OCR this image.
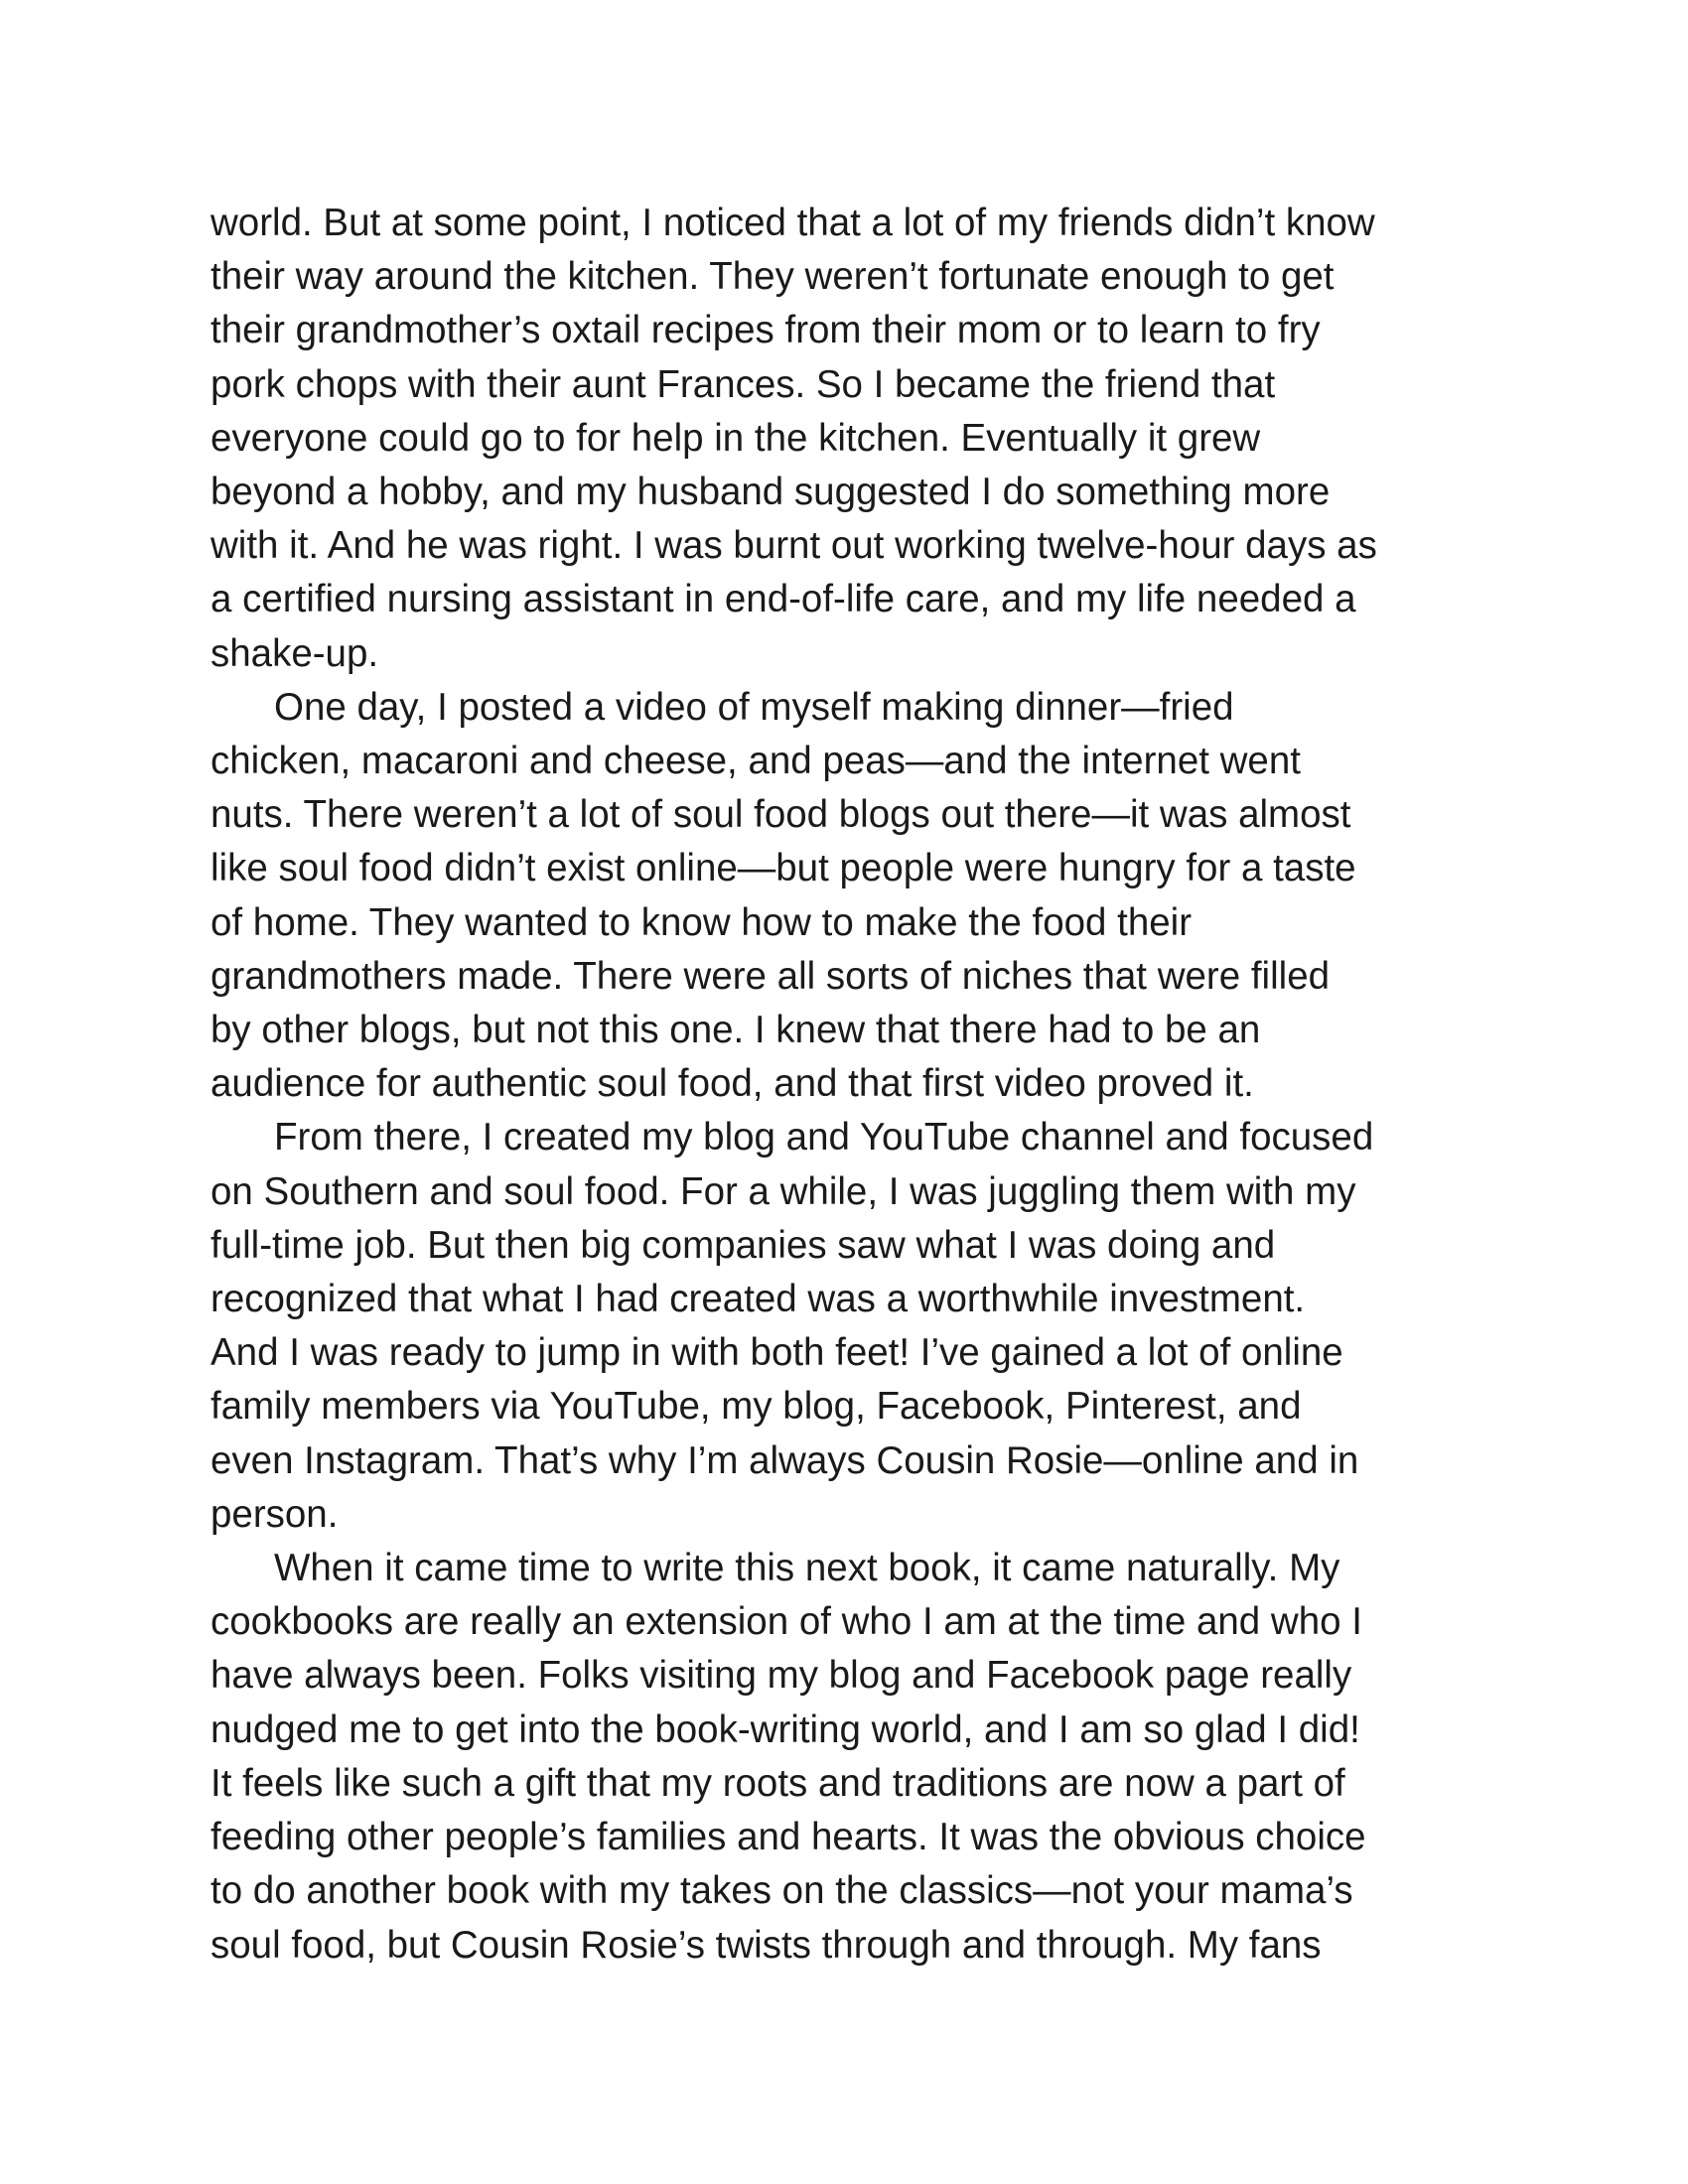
world. But at some point, I noticed that a lot of my friends didn’t know
their way around the kitchen. They weren’t fortunate enough to get
their grandmother’s oxtail recipes from their mom or to learn to fry
pork chops with their aunt Frances. So I became the friend that
everyone could go to for help in the kitchen. Eventually it grew
beyond a hobby, and my husband suggested I do something more
with it. And he was right. I was burnt out working twelve-hour days as
a certified nursing assistant in end-of-life care, and my life needed a
shake-up.
One day, I posted a video of myself making dinner—fried
chicken, macaroni and cheese, and peas—and the internet went
nuts. There weren’t a lot of soul food blogs out there—it was almost
like soul food didn’t exist online—but people were hungry for a taste
of home. They wanted to know how to make the food their
grandmothers made. There were all sorts of niches that were filled
by other blogs, but not this one. I knew that there had to be an
audience for authentic soul food, and that first video proved it.
From there, I created my blog and YouTube channel and focused
on Southern and soul food. For a while, I was juggling them with my
full-time job. But then big companies saw what I was doing and
recognized that what I had created was a worthwhile investment.
And I was ready to jump in with both feet! I’ve gained a lot of online
family members via YouTube, my blog, Facebook, Pinterest, and
even Instagram. That’s why I’m always Cousin Rosie—online and in
person.
When it came time to write this next book, it came naturally. My
cookbooks are really an extension of who I am at the time and who I
have always been. Folks visiting my blog and Facebook page really
nudged me to get into the book-writing world, and I am so glad I did!
It feels like such a gift that my roots and traditions are now a part of
feeding other people’s families and hearts. It was the obvious choice
to do another book with my takes on the classics—not your mama’s
soul food, but Cousin Rosie’s twists through and through. My fans
